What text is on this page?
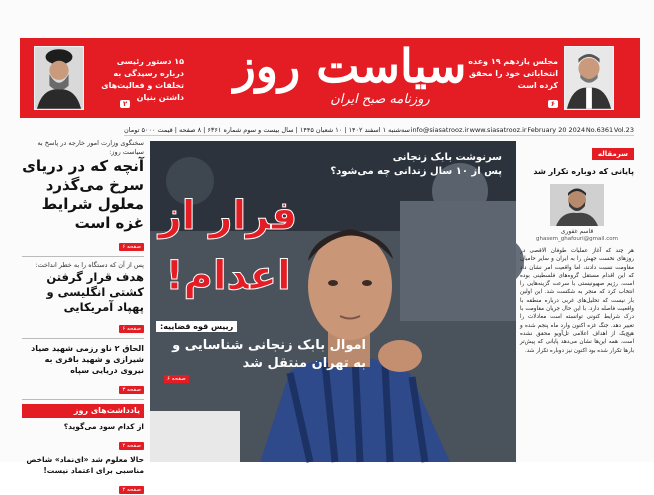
۱۵ دستور رئیسی درباره رسیدگی به تخلفات و فعالیت‌های داشتن بنیان
۲
سیاست روز
روزنامه صبح ایران
مجلس یازدهم ۱۹ وعده انتخاباتی خود را محقق کرده است
۶
سه‌شنبه ۱ اسفند ۱۴۰۲ | ۱۰ شعبان ۱۴۴۵ | سال بیست و سوم شماره ۶۳۶۱ | ۸ صفحه | قیمت ۵۰۰۰ تومان info@siasatrooz.ir www.siasatrooz.ir February 20 2024 No.6361 Vol.23
سخنگوی وزارت امور خارجه در پاسخ به سیاست روز:
آنچه که در دریای سرخ می‌گذرد معلول شرایط غزه است
صفحه ۶
پس از آن که دستگاه را به خطر انداخت:
هدف قرار گرفتن کشتی انگلیسی و پهپاد آمریکایی
صفحه ۶
الحاق ۲ ناو رزمی شهید صیاد شیرازی و شهید باقری به نیروی دریایی سپاه
صفحه ۳
یادداشت‌های روز
از کدام سود می‌گوید؟
صفحه ۲
حالا معلوم شد «ای‌نماد» شاخص مناسبی برای اعتماد نیست!
صفحه ۲
سرنوشت بابک زنجانی
پس از ۱۰ سال زندانی چه می‌شود؟
فرار از
اعدام!
رییس قوه قضاییه:
اموال بابک زنجانی شناسایی و به تهران منتقل شد
صفحه ۶
سرمقاله
پایانی که دوباره تکرار شد
قاسم غفوری
ghasem_ghafouri@gmail.com
هر چند که آغاز عملیات طوفان الاقصی در روزهای نخست جهش را به ایران و سایر حامیان مقاومت نسبت دادند، اما واقعیت امر نشان داد که این اقدام مستقل گروه‌های فلسطینی بوده است. رژیم صهیونیستی با سرعت گزینه‌هایی را انتخاب کرد که منجر به شکست شد. این اولین بار نیست که تحلیل‌های غربی درباره منطقه با واقعیت فاصله دارد. با این حال جریان مقاومت با درک شرایط کنونی توانسته است معادلات را تغییر دهد. جنگ غزه اکنون وارد ماه پنجم شده و هیچ‌یک از اهداف اعلامی تل‌آویو محقق نشده است. همه این‌ها نشان می‌دهد پایانی که پیش‌تر بارها تکرار شده بود اکنون نیز دوباره تکرار شد.
